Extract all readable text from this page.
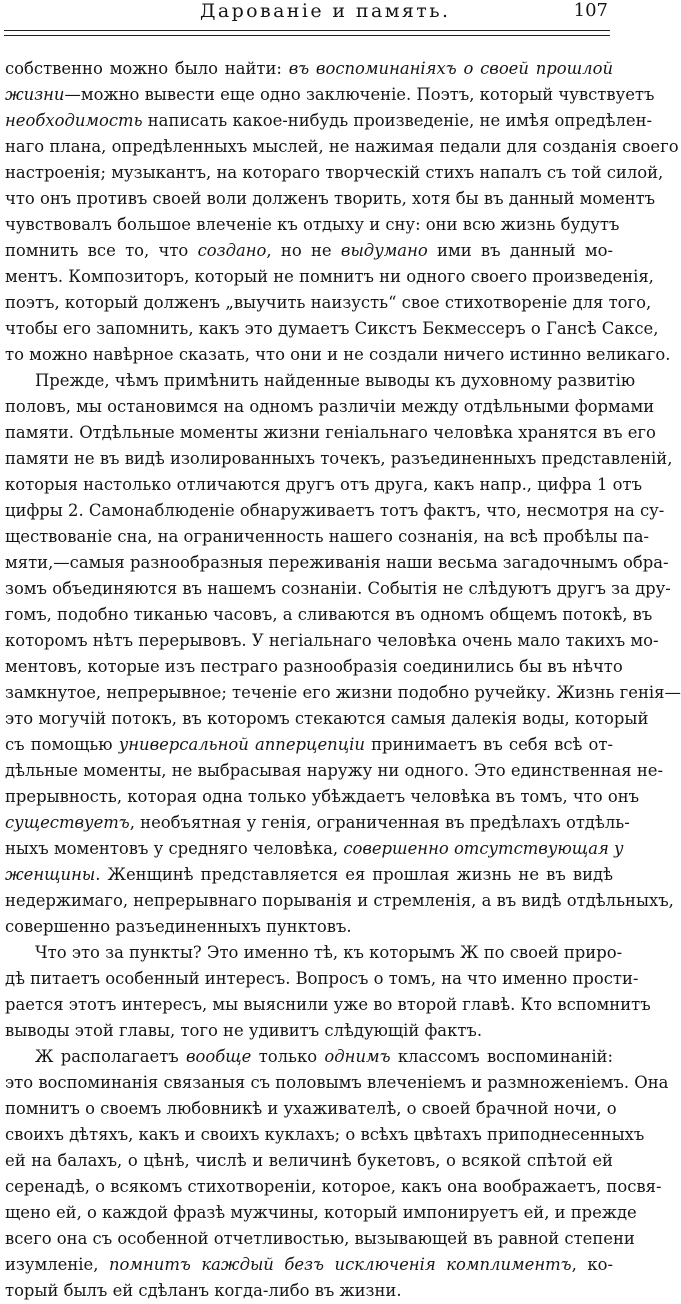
Дарованіе и память.	107
собственно можно было найти: въ воспоминаніяхъ о своей прошлой
жизни—можно вывести еще одно заключеніе. Поэтъ, который чувствуетъ
необходимость написать какое-нибудь произведеніе, не имѣя опредѣлен-
наго плана, опредѣленныхъ мыслей, не нажимая педали для созданія своего
настроенія; музыкантъ, на котораго творческій стихъ напалъ съ той силой,
что онъ противъ своей воли долженъ творить, хотя бы въ данный моментъ
чувствовалъ большое влеченіе къ отдыху и сну: они всю жизнь будутъ
помнить все то, что создано, но не выдумано ими въ данный мо-
ментъ. Композиторъ, который не помнитъ ни одного своего произведенія,
поэтъ, который долженъ „выучить наизусть“ свое стихотвореніе для того,
чтобы его запомнить, какъ это думаетъ Сикстъ Бекмессеръ о Гансѣ Саксе,
то можно навѣрное сказать, что они и не создали ничего истинно великаго.
Прежде, чѣмъ примѣнить найденные выводы къ духовному развитію
половъ, мы остановимся на одномъ различіи между отдѣльными формами
памяти. Отдѣльные моменты жизни геніальнаго человѣка хранятся въ его
памяти не въ видѣ изолированныхъ точекъ, разъединенныхъ представленій,
которыя настолько отличаются другъ отъ друга, какъ напр., цифра 1 отъ
цифры 2. Самонаблюденіе обнаруживаетъ тотъ фактъ, что, несмотря на су-
ществованіе сна, на ограниченность нашего сознанія, на всѣ пробѣлы па-
мяти,—самыя разнообразныя переживанія наши весьма загадочнымъ обра-
зомъ объединяются въ нашемъ сознаніи. Событія не слѣдуютъ другъ за дру-
гомъ, подобно тиканью часовъ, а сливаются въ одномъ общемъ потокѣ, въ
которомъ нѣтъ перерывовъ. У негіальнаго человѣка очень мало такихъ мо-
ментовъ, которые изъ пестраго разнообразія соединились бы въ нѣчто
замкнутое, непрерывное; теченіе его жизни подобно ручейку. Жизнь генія—
это могучій потокъ, въ которомъ стекаются самыя далекія воды, который
съ помощью универсальной апперцепціи принимаетъ въ себя всѣ от-
дѣльные моменты, не выбрасывая наружу ни одного. Это единственная не-
прерывность, которая одна только убѣждаетъ человѣка въ томъ, что онъ
существуетъ, необъятная у генія, ограниченная въ предѣлахъ отдѣль-
ныхъ моментовъ у средняго человѣка, совершенно отсутствующая у
женщины. Женщинѣ представляется ея прошлая жизнь не въ видѣ
недержимаго, непрерывнаго порыванія и стремленія, а въ видѣ отдѣльныхъ,
совершенно разъединенныхъ пунктовъ.
Что это за пункты? Это именно тѣ, къ которымъ Ж по своей приро-
дѣ питаетъ особенный интересъ. Вопросъ о томъ, на что именно прости-
рается этотъ интересъ, мы выяснили уже во второй главѣ. Кто вспомнитъ
выводы этой главы, того не удивитъ слѣдующій фактъ.
Ж располагаетъ вообще только однимъ классомъ воспоминаній:
это воспоминанія связаныя съ половымъ влеченіемъ и размноженіемъ. Она
помнитъ о своемъ любовникѣ и ухаживателѣ, о своей брачной ночи, о
своихъ дѣтяхъ, какъ и своихъ куклахъ; о всѣхъ цвѣтахъ приподнесенныхъ
ей на балахъ, о цѣнѣ, числѣ и величинѣ букетовъ, о всякой спѣтой ей
серенадѣ, о всякомъ стихотвореніи, которое, какъ она воображаетъ, посвя-
щено ей, о каждой фразѣ мужчины, который импонируетъ ей, и прежде
всего она съ особенной отчетливостью, вызывающей въ равной степени
изумленіе, помнитъ каждый безъ исключенія комплиментъ, ко-
торый былъ ей сдѣланъ когда-либо въ жизни.
